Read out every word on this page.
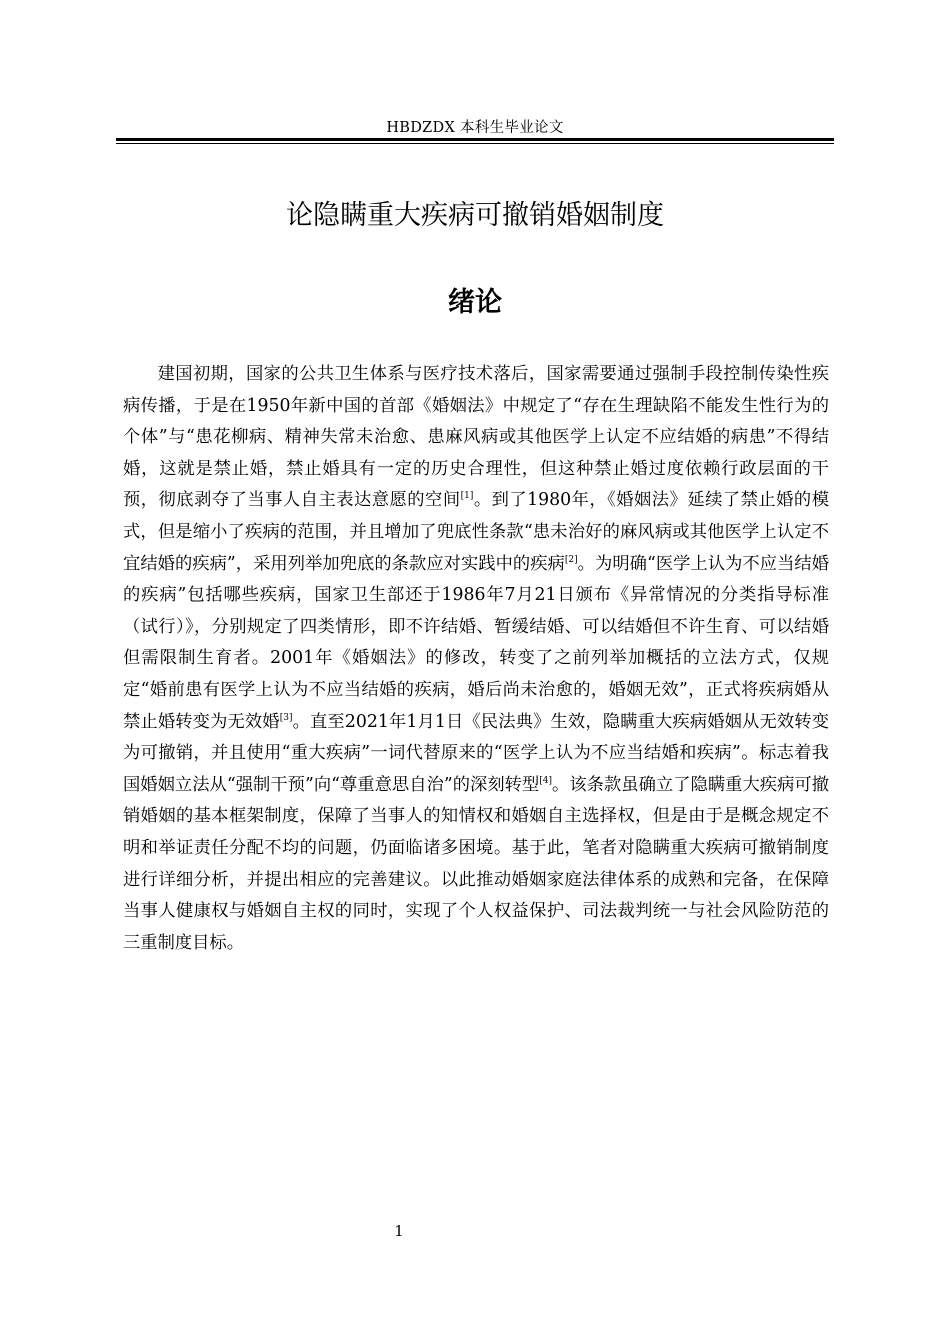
HBDZDX 本科生毕业论文
论隐瞒重大疾病可撤销婚姻制度
绪论

建国初期，国家的公共卫生体系与医疗技术落后，国家需要通过强制手段控制传染性疾病传播，于是在1950年新中国的首部《婚姻法》中规定了“存在生理缺陷不能发生性行为的个体”与“患花柳病、精神失常未治愈、患麻风病或其他医学上认定不应结婚的病患”不得结婚，这就是禁止婚，禁止婚具有一定的历史合理性，但这种禁止婚过度依赖行政层面的干预，彻底剥夺了当事人自主表达意愿的空间[1]。到了1980年，《婚姻法》延续了禁止婚的模式，但是缩小了疾病的范围，并且增加了兜底性条款“患未治好的麻风病或其他医学上认定不宜结婚的疾病”，采用列举加兜底的条款应对实践中的疾病[2]。为明确“医学上认为不应当结婚的疾病”包括哪些疾病，国家卫生部还于1986年7月21日颁布《异常情况的分类指导标准（试行）》，分别规定了四类情形，即不许结婚、暂缓结婚、可以结婚但不许生育、可以结婚但需限制生育者。2001年《婚姻法》的修改，转变了之前列举加概括的立法方式，仅规定“婚前患有医学上认为不应当结婚的疾病，婚后尚未治愈的，婚姻无效”，正式将疾病婚从禁止婚转变为无效婚[3]。直至2021年1月1日《民法典》生效，隐瞒重大疾病婚姻从无效转变为可撤销，并且使用“重大疾病”一词代替原来的“医学上认为不应当结婚和疾病”。标志着我国婚姻立法从“强制干预”向“尊重意思自治”的深刻转型[4]。该条款虽确立了隐瞒重大疾病可撤销婚姻的基本框架制度，保障了当事人的知情权和婚姻自主选择权，但是由于是概念规定不明和举证责任分配不均的问题，仍面临诸多困境。基于此，笔者对隐瞒重大疾病可撤销制度进行详细分析，并提出相应的完善建议。以此推动婚姻家庭法律体系的成熟和完备，在保障当事人健康权与婚姻自主权的同时，实现了个人权益保护、司法裁判统一与社会风险防范的三重制度目标。

1
